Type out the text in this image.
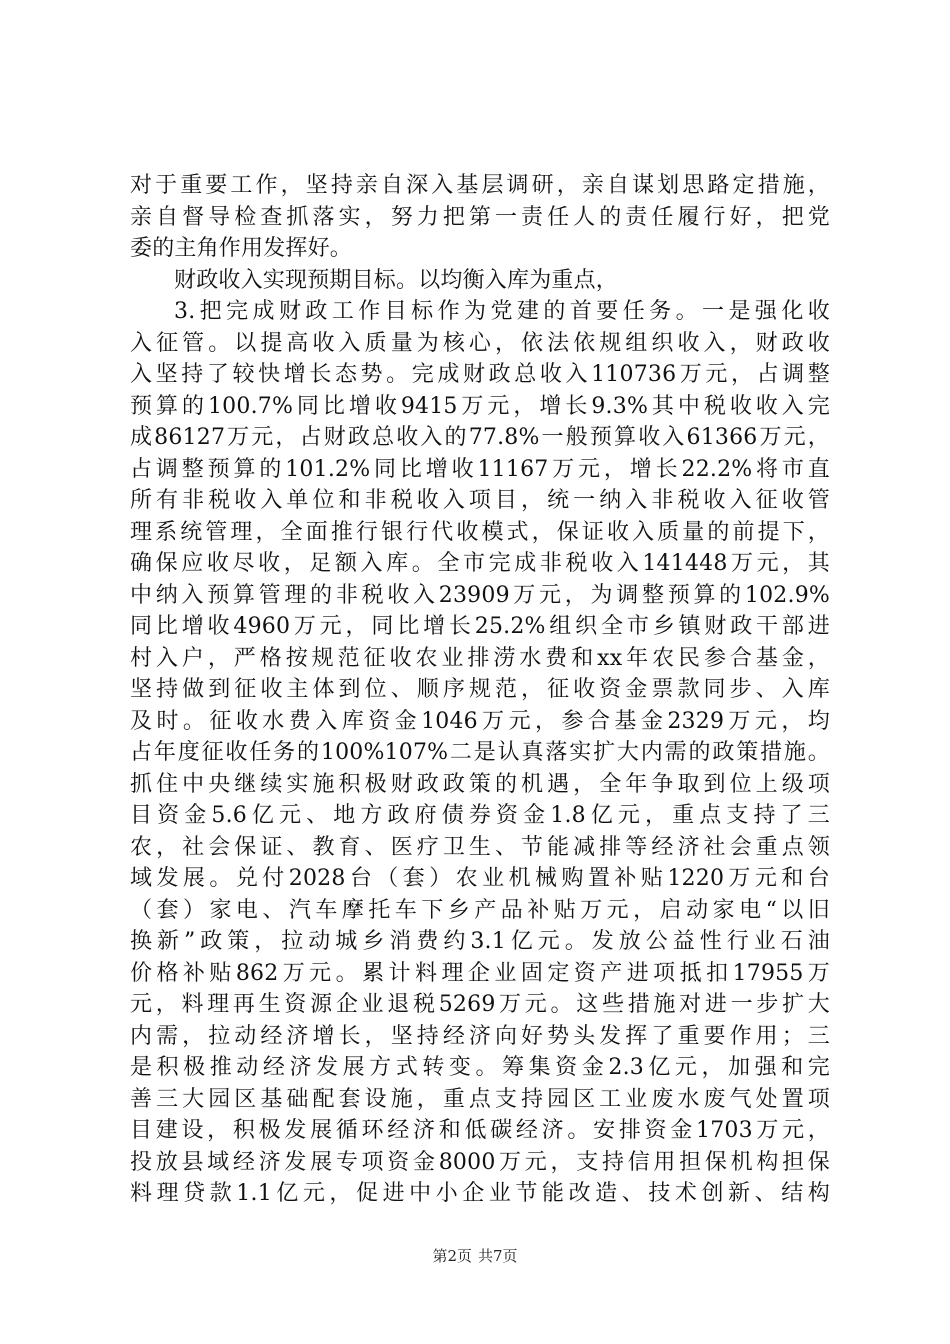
对于重要工作，坚持亲自深入基层调研，亲自谋划思路定措施，
亲自督导检查抓落实，努力把第一责任人的责任履行好，把党
委的主角作用发挥好。
财政收入实现预期目标。以均衡入库为重点，
3.把完成财政工作目标作为党建的首要任务。一是强化收
入征管。以提高收入质量为核心，依法依规组织收入，财政收
入坚持了较快增长态势。完成财政总收入110736万元，占调整
预算的100.7%同比增收9415万元，增长9.3%其中税收收入完
成86127万元，占财政总收入的77.8%一般预算收入61366万元，
占调整预算的101.2%同比增收11167万元，增长22.2%将市直
所有非税收入单位和非税收入项目，统一纳入非税收入征收管
理系统管理，全面推行银行代收模式，保证收入质量的前提下，
确保应收尽收，足额入库。全市完成非税收入141448万元，其
中纳入预算管理的非税收入23909万元，为调整预算的102.9%
同比增收4960万元，同比增长25.2%组织全市乡镇财政干部进
村入户，严格按规范征收农业排涝水费和xx年农民参合基金，
坚持做到征收主体到位、顺序规范，征收资金票款同步、入库
及时。征收水费入库资金1046万元，参合基金2329万元，均
占年度征收任务的100%107%二是认真落实扩大内需的政策措施。
抓住中央继续实施积极财政政策的机遇，全年争取到位上级项
目资金5.6亿元、地方政府债券资金1.8亿元，重点支持了三
农，社会保证、教育、医疗卫生、节能减排等经济社会重点领
域发展。兑付2028台（套）农业机械购置补贴1220万元和台
（套）家电、汽车摩托车下乡产品补贴万元，启动家电“以旧
换新”政策，拉动城乡消费约3.1亿元。发放公益性行业石油
价格补贴862万元。累计料理企业固定资产进项抵扣17955万
元，料理再生资源企业退税5269万元。这些措施对进一步扩大
内需，拉动经济增长，坚持经济向好势头发挥了重要作用；三
是积极推动经济发展方式转变。筹集资金2.3亿元，加强和完
善三大园区基础配套设施，重点支持园区工业废水废气处置项
目建设，积极发展循环经济和低碳经济。安排资金1703万元，
投放县域经济发展专项资金8000万元，支持信用担保机构担保
料理贷款1.1亿元，促进中小企业节能改造、技术创新、结构
第2页 共7页
